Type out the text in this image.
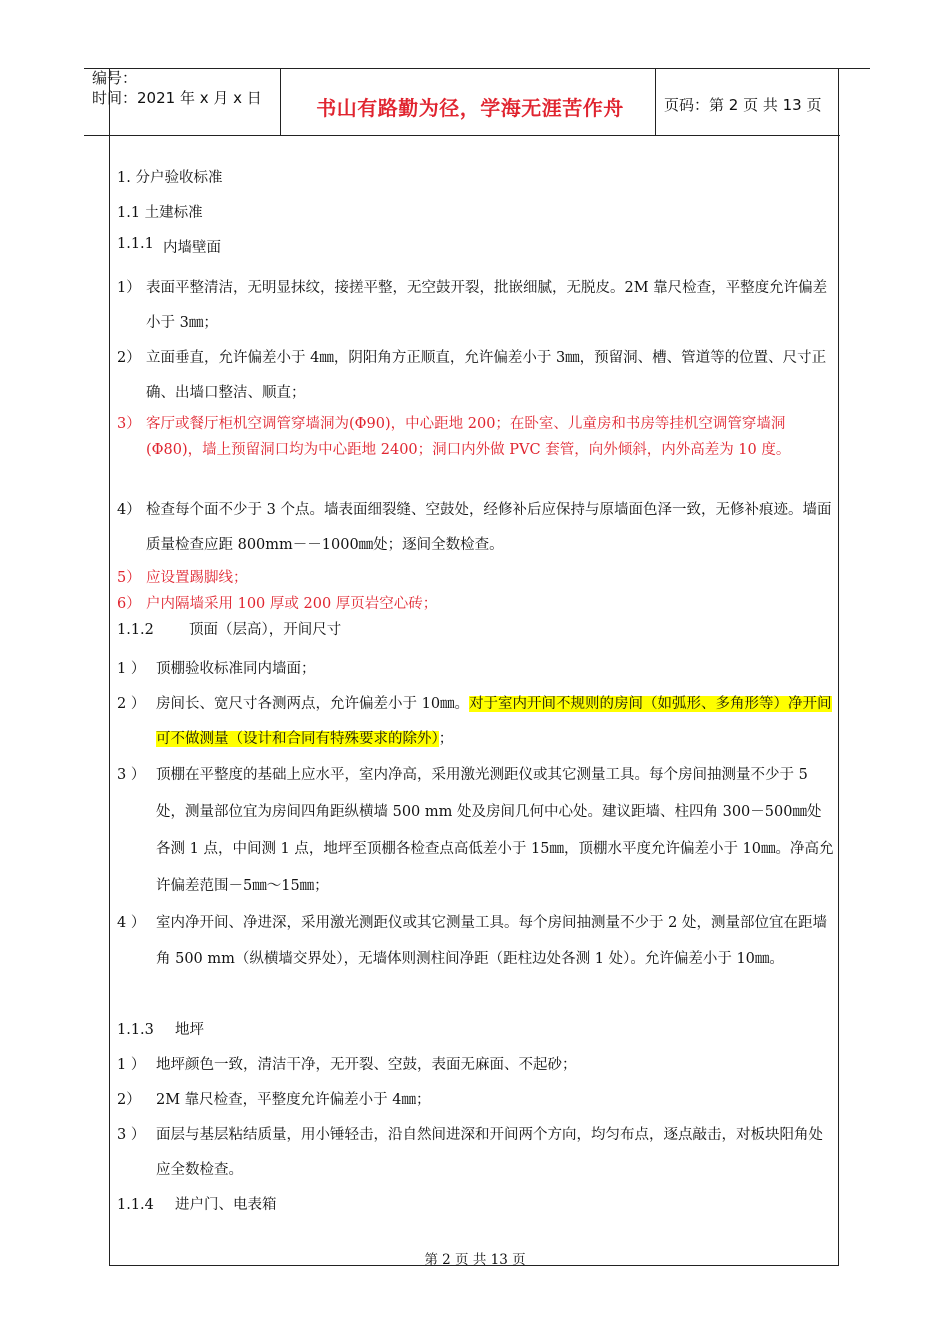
编号：
时间：2021 年 x 月 x 日	书山有路勤为径，学海无涯苦作舟	页码：第 2 页 共 13 页
1. 分户验收标准
1.1 土建标准
1.1.1 内墙壁面
1） 表面平整清洁，无明显抹纹，接搓平整，无空鼓开裂，批嵌细腻，无脱皮。2M 靠尺检查，平整度允许偏差小于 3㎜；
2） 立面垂直，允许偏差小于 4㎜，阴阳角方正顺直，允许偏差小于 3㎜，预留洞、槽、管道等的位置、尺寸正确、出墙口整洁、顺直；
3） 客厅或餐厅柜机空调管穿墙洞为(Φ90)，中心距地 200；在卧室、儿童房和书房等挂机空调管穿墙洞(Φ80)，墙上预留洞口均为中心距地 2400；洞口内外做 PVC 套管，向外倾斜，内外高差为 10 度。
4） 检查每个面不少于 3 个点。墙表面细裂缝、空鼓处，经修补后应保持与原墙面色泽一致，无修补痕迹。墙面质量检查应距 800mm－－1000㎜处；逐间全数检查。
5） 应设置踢脚线；
6） 户内隔墙采用 100 厚或 200 厚页岩空心砖；
1.1.2 顶面（层高），开间尺寸
1 ） 顶棚验收标准同内墙面；
2 ） 房间长、宽尺寸各测两点，允许偏差小于 10㎜。对于室内开间不规则的房间（如弧形、多角形等）净开间可不做测量（设计和合同有特殊要求的除外）；
3 ） 顶棚在平整度的基础上应水平，室内净高，采用激光测距仪或其它测量工具。每个房间抽测量不少于 5 处，测量部位宜为房间四角距纵横墙 500 mm 处及房间几何中心处。建议距墙、柱四角 300－500㎜处各测 1 点，中间测 1 点，地坪至顶棚各检查点高低差小于 15㎜，顶棚水平度允许偏差小于 10㎜。净高允许偏差范围－5㎜～15㎜；
4 ） 室内净开间、净进深，采用激光测距仪或其它测量工具。每个房间抽测量不少于 2 处，测量部位宜在距墙角 500 mm（纵横墙交界处），无墙体则测柱间净距（距柱边处各测 1 处）。允许偏差小于 10㎜。
1.1.3 地坪
1 ） 地坪颜色一致，清洁干净，无开裂、空鼓，表面无麻面、不起砂；
2） 2M 靠尺检查，平整度允许偏差小于 4㎜；
3 ） 面层与基层粘结质量，用小锤轻击，沿自然间进深和开间两个方向，均匀布点，逐点敲击，对板块阳角处应全数检查。
1.1.4 进户门、电表箱
第 2 页 共 13 页
